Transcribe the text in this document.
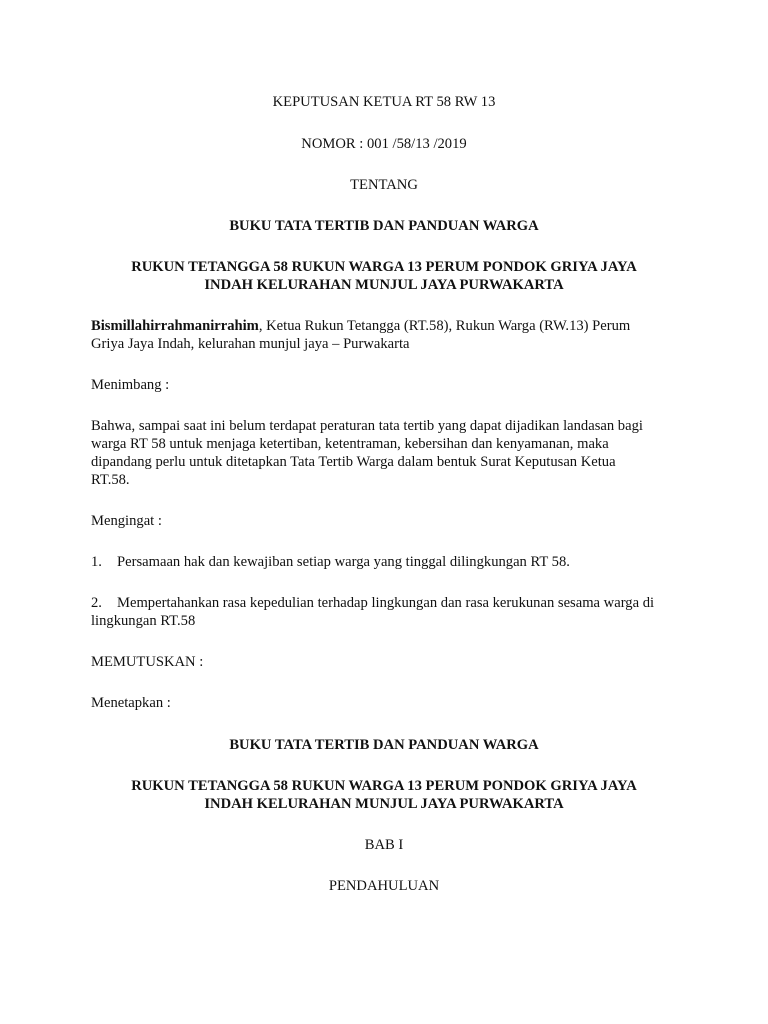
KEPUTUSAN KETUA RT 58 RW 13
NOMOR : 001 /58/13 /2019
TENTANG
BUKU TATA TERTIB DAN PANDUAN WARGA
RUKUN TETANGGA 58 RUKUN WARGA 13 PERUM PONDOK GRIYA JAYA
INDAH KELURAHAN MUNJUL JAYA PURWAKARTA
Bismillahirrahmanirrahim, Ketua Rukun Tetangga (RT.58), Rukun Warga (RW.13) Perum
Griya Jaya Indah, kelurahan munjul jaya – Purwakarta
Menimbang :
Bahwa, sampai saat ini belum terdapat peraturan tata tertib yang dapat dijadikan landasan bagi
warga RT 58 untuk menjaga ketertiban, ketentraman, kebersihan dan kenyamanan, maka
dipandang perlu untuk ditetapkan Tata Tertib Warga dalam bentuk Surat Keputusan Ketua
RT.58.
Mengingat :
1. Persamaan hak dan kewajiban setiap warga yang tinggal dilingkungan RT 58.
2. Mempertahankan rasa kepedulian terhadap lingkungan dan rasa kerukunan sesama warga di
lingkungan RT.58
MEMUTUSKAN :
Menetapkan :
BUKU TATA TERTIB DAN PANDUAN WARGA
RUKUN TETANGGA 58 RUKUN WARGA 13 PERUM PONDOK GRIYA JAYA
INDAH KELURAHAN MUNJUL JAYA PURWAKARTA
BAB I
PENDAHULUAN
